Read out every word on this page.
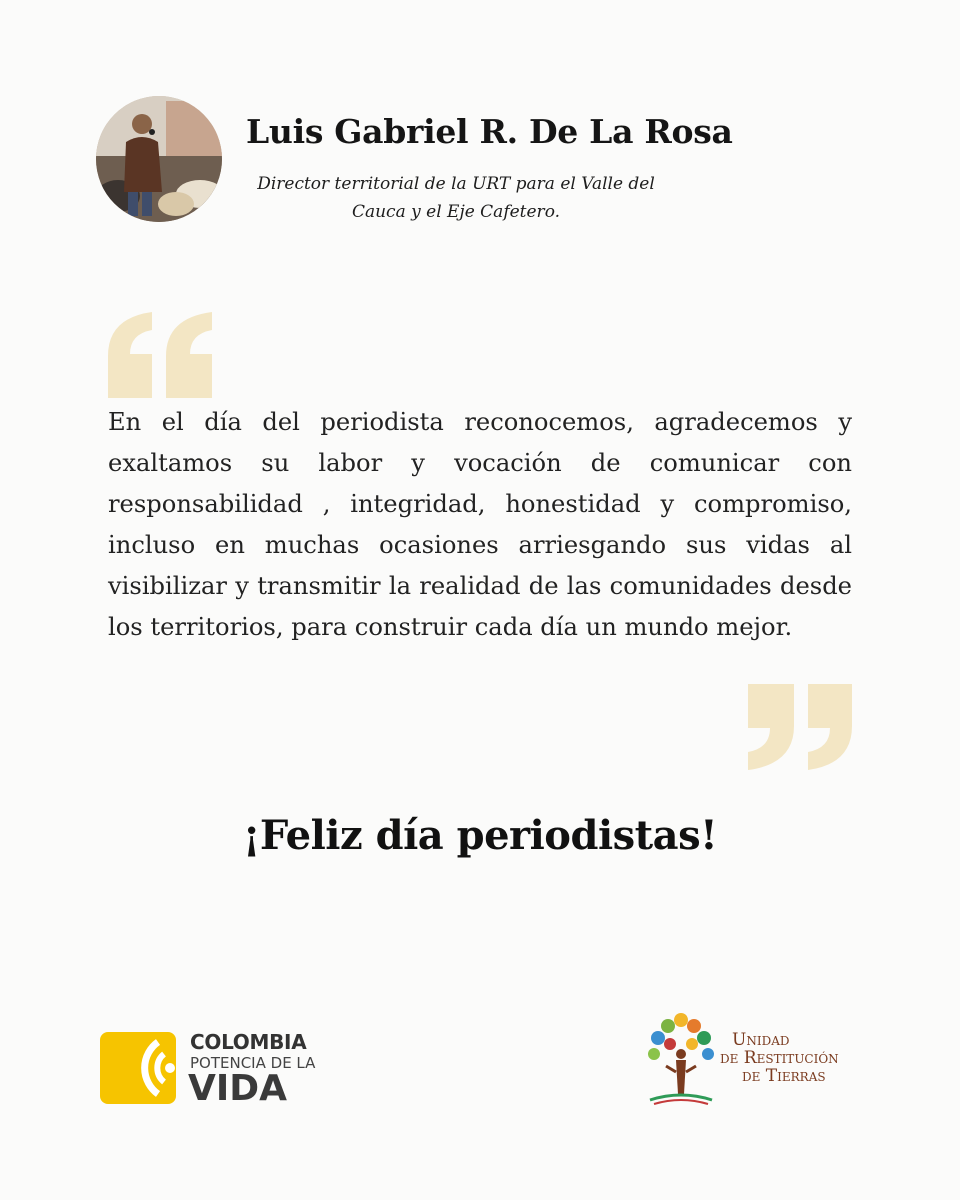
Luis Gabriel R. De La Rosa
Director territorial de la URT para el Valle del Cauca y el Eje Cafetero.

En el día del periodista reconocemos, agradecemos y exaltamos su labor y vocación de comunicar con responsabilidad , integridad, honestidad y compromiso, incluso en muchas ocasiones arriesgando sus vidas al visibilizar y transmitir la realidad de las comunidades desde los territorios, para construir cada día un mundo mejor.

¡Feliz día periodistas!
COLOMBIA
POTENCIA DE LA
VIDA
Unidad
de Restitución
de Tierras
